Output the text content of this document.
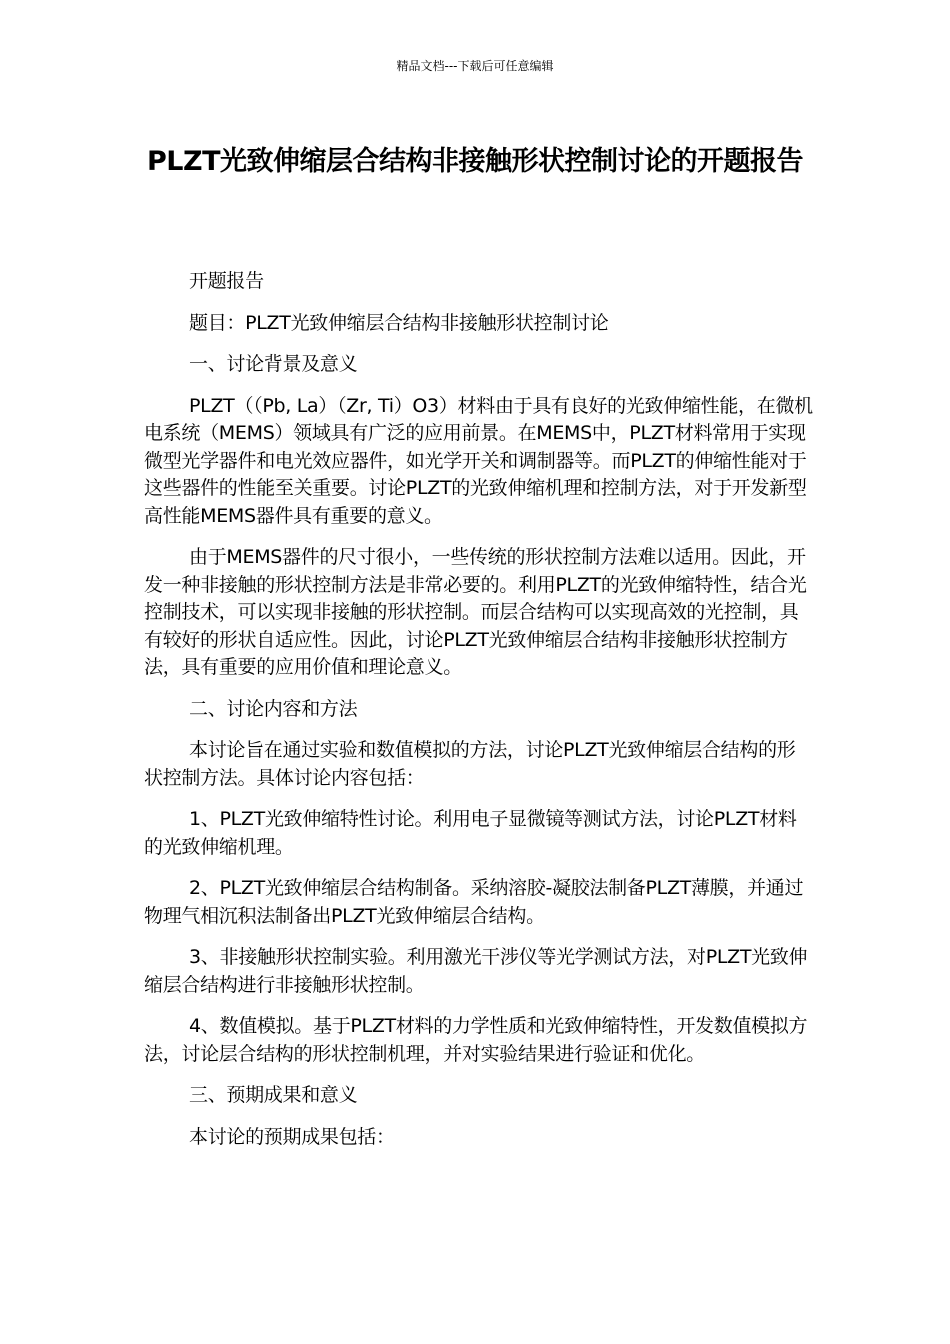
精品文档---下载后可任意编辑
PLZT光致伸缩层合结构非接触形状控制讨论的开题报告

开题报告

题目：PLZT光致伸缩层合结构非接触形状控制讨论

一、讨论背景及意义

PLZT（（Pb, La）（Zr, Ti）O3）材料由于具有良好的光致伸缩性能，在微机电系统（MEMS）领域具有广泛的应用前景。在MEMS中，PLZT材料常用于实现微型光学器件和电光效应器件，如光学开关和调制器等。而PLZT的伸缩性能对于这些器件的性能至关重要。讨论PLZT的光致伸缩机理和控制方法，对于开发新型高性能MEMS器件具有重要的意义。

由于MEMS器件的尺寸很小，一些传统的形状控制方法难以适用。因此，开发一种非接触的形状控制方法是非常必要的。利用PLZT的光致伸缩特性，结合光控制技术，可以实现非接触的形状控制。而层合结构可以实现高效的光控制，具有较好的形状自适应性。因此，讨论PLZT光致伸缩层合结构非接触形状控制方法，具有重要的应用价值和理论意义。

二、讨论内容和方法

本讨论旨在通过实验和数值模拟的方法，讨论PLZT光致伸缩层合结构的形状控制方法。具体讨论内容包括：

1、PLZT光致伸缩特性讨论。利用电子显微镜等测试方法，讨论PLZT材料的光致伸缩机理。

2、PLZT光致伸缩层合结构制备。采纳溶胶-凝胶法制备PLZT薄膜，并通过物理气相沉积法制备出PLZT光致伸缩层合结构。

3、非接触形状控制实验。利用激光干涉仪等光学测试方法，对PLZT光致伸缩层合结构进行非接触形状控制。

4、数值模拟。基于PLZT材料的力学性质和光致伸缩特性，开发数值模拟方法，讨论层合结构的形状控制机理，并对实验结果进行验证和优化。

三、预期成果和意义

本讨论的预期成果包括：
